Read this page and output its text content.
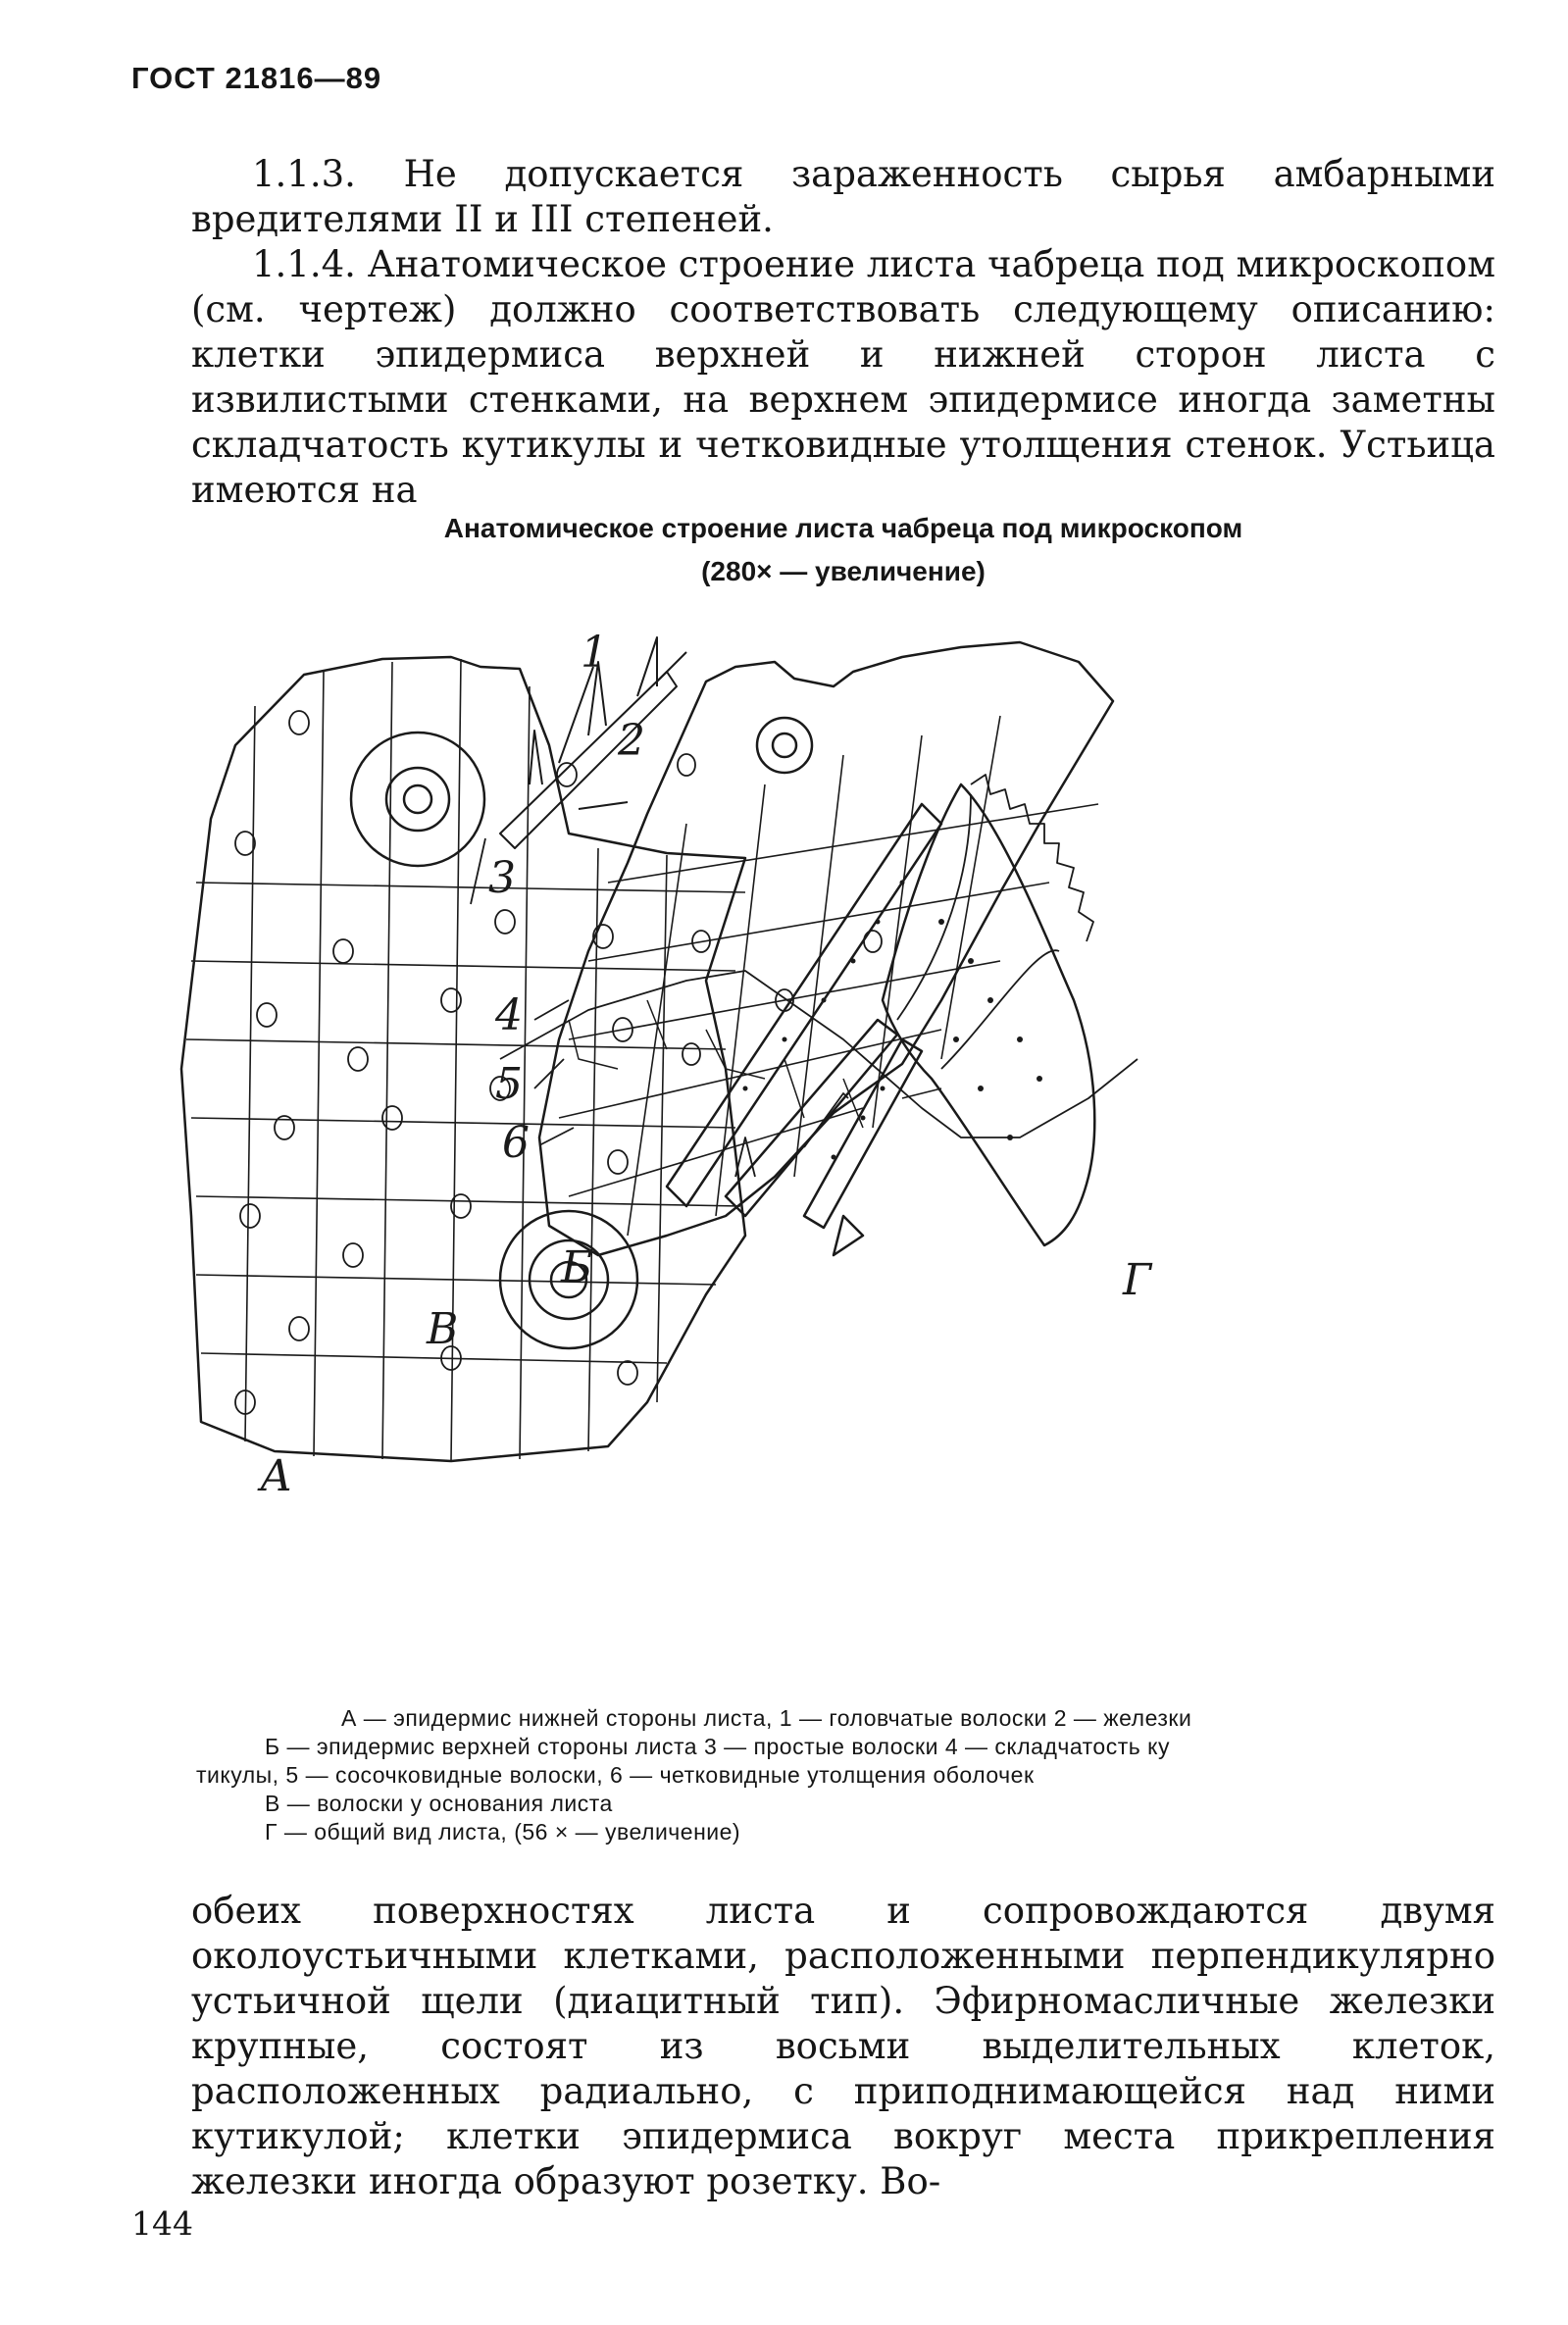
ГОСТ 21816—89

1.1.3. Не допускается зараженность сырья амбарными вредителями II и III степеней.

1.1.4. Анатомическое строение листа чабреца под микроскопом (см. чертеж) должно соответствовать следующему описанию: клетки эпидермиса верхней и нижней сторон листа с извилистыми стенками, на верхнем эпидермисе иногда заметны складчатость кутикулы и четковидные утолщения стенок. Устьица имеются на

Анатомическое строение листа чабреца под микроскопом
(280× — увеличение)
А
1
2
Б
3
4
5
6
В
Г
А — эпидермис нижней стороны листа, 1 — головчатые волоски 2 — железки
Б — эпидермис верхней стороны листа 3 — простые волоски 4 — складчатость ку
тикулы, 5 — сосочковидные волоски, 6 — четковидные утолщения оболочек
В — волоски у основания листа
Г — общий вид листа, (56 × — увеличение)

обеих поверхностях листа и сопровождаются двумя околоустьичными клетками, расположенными перпендикулярно устьичной щели (диацитный тип). Эфирномасличные железки крупные, состоят из восьми выделительных клеток, расположенных радиально, с приподнимающейся над ними кутикулой; клетки эпидермиса вокруг места прикрепления железки иногда образуют розетку. Во-

144
